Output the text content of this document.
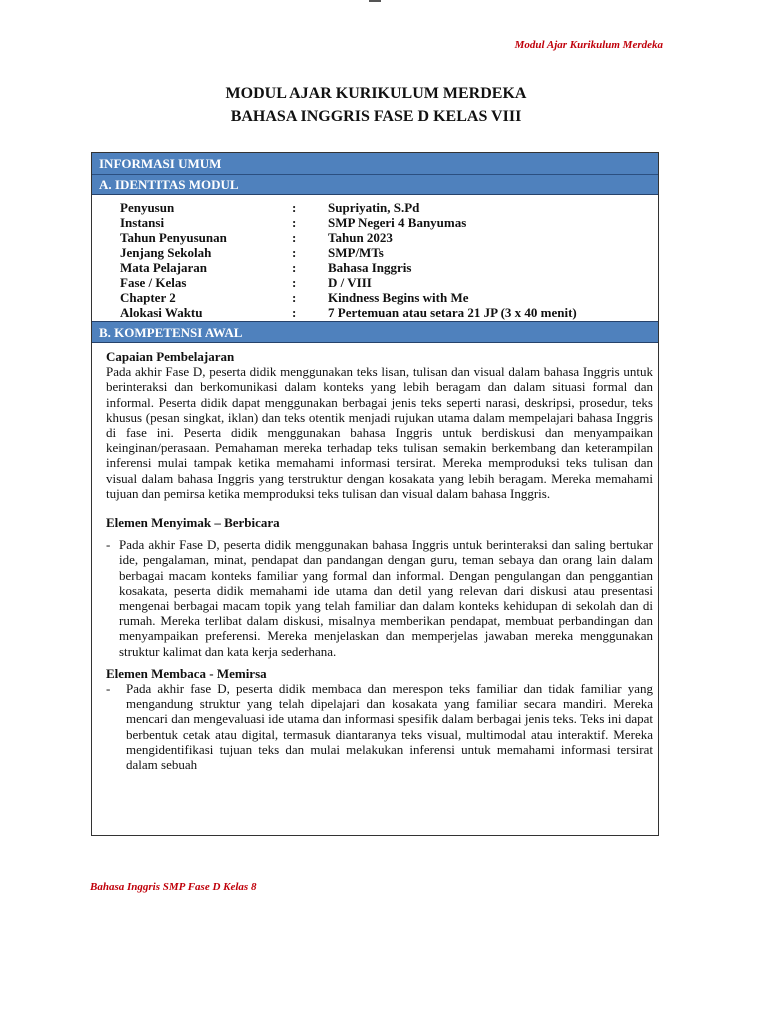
Modul Ajar Kurikulum Merdeka
MODUL AJAR KURIKULUM MERDEKA
BAHASA INGGRIS FASE D KELAS VIII
INFORMASI UMUM
A. IDENTITAS MODUL
Penyusun	: Supriyatin, S.Pd
Instansi	: SMP Negeri 4 Banyumas
Tahun Penyusunan	: Tahun 2023
Jenjang Sekolah	: SMP/MTs
Mata Pelajaran	: Bahasa Inggris
Fase / Kelas	: D / VIII
Chapter 2	: Kindness Begins with Me
Alokasi Waktu	: 7 Pertemuan atau setara 21 JP (3 x 40 menit)
B. KOMPETENSI AWAL
Capaian Pembelajaran
Pada akhir Fase D, peserta didik menggunakan teks lisan, tulisan dan visual dalam bahasa Inggris untuk berinteraksi dan berkomunikasi dalam konteks yang lebih beragam dan dalam situasi formal dan informal. Peserta didik dapat menggunakan berbagai jenis teks seperti narasi, deskripsi, prosedur, teks khusus (pesan singkat, iklan) dan teks otentik menjadi rujukan utama dalam mempelajari bahasa Inggris di fase ini. Peserta didik menggunakan bahasa Inggris untuk berdiskusi dan menyampaikan keinginan/perasaan. Pemahaman mereka terhadap teks tulisan semakin berkembang dan keterampilan inferensi mulai tampak ketika memahami informasi tersirat. Mereka memproduksi teks tulisan dan visual dalam bahasa Inggris yang terstruktur dengan kosakata yang lebih beragam. Mereka memahami tujuan dan pemirsa ketika memproduksi teks tulisan dan visual dalam bahasa Inggris.
Elemen Menyimak – Berbicara
- Pada akhir Fase D, peserta didik menggunakan bahasa Inggris untuk berinteraksi dan saling bertukar ide, pengalaman, minat, pendapat dan pandangan dengan guru, teman sebaya dan orang lain dalam berbagai macam konteks familiar yang formal dan informal. Dengan pengulangan dan penggantian kosakata, peserta didik memahami ide utama dan detil yang relevan dari diskusi atau presentasi mengenai berbagai macam topik yang telah familiar dan dalam konteks kehidupan di sekolah dan di rumah. Mereka terlibat dalam diskusi, misalnya memberikan pendapat, membuat perbandingan dan menyampaikan preferensi. Mereka menjelaskan dan memperjelas jawaban mereka menggunakan struktur kalimat dan kata kerja sederhana.
Elemen Membaca - Memirsa
-	Pada akhir fase D, peserta didik membaca dan merespon teks familiar dan tidak familiar yang mengandung struktur yang telah dipelajari dan kosakata yang familiar secara mandiri. Mereka mencari dan mengevaluasi ide utama dan informasi spesifik dalam berbagai jenis teks. Teks ini dapat berbentuk cetak atau digital, termasuk diantaranya teks visual, multimodal atau interaktif. Mereka mengidentifikasi tujuan teks dan mulai melakukan inferensi untuk memahami informasi tersirat dalam sebuah
Bahasa Inggris SMP Fase D Kelas 8
